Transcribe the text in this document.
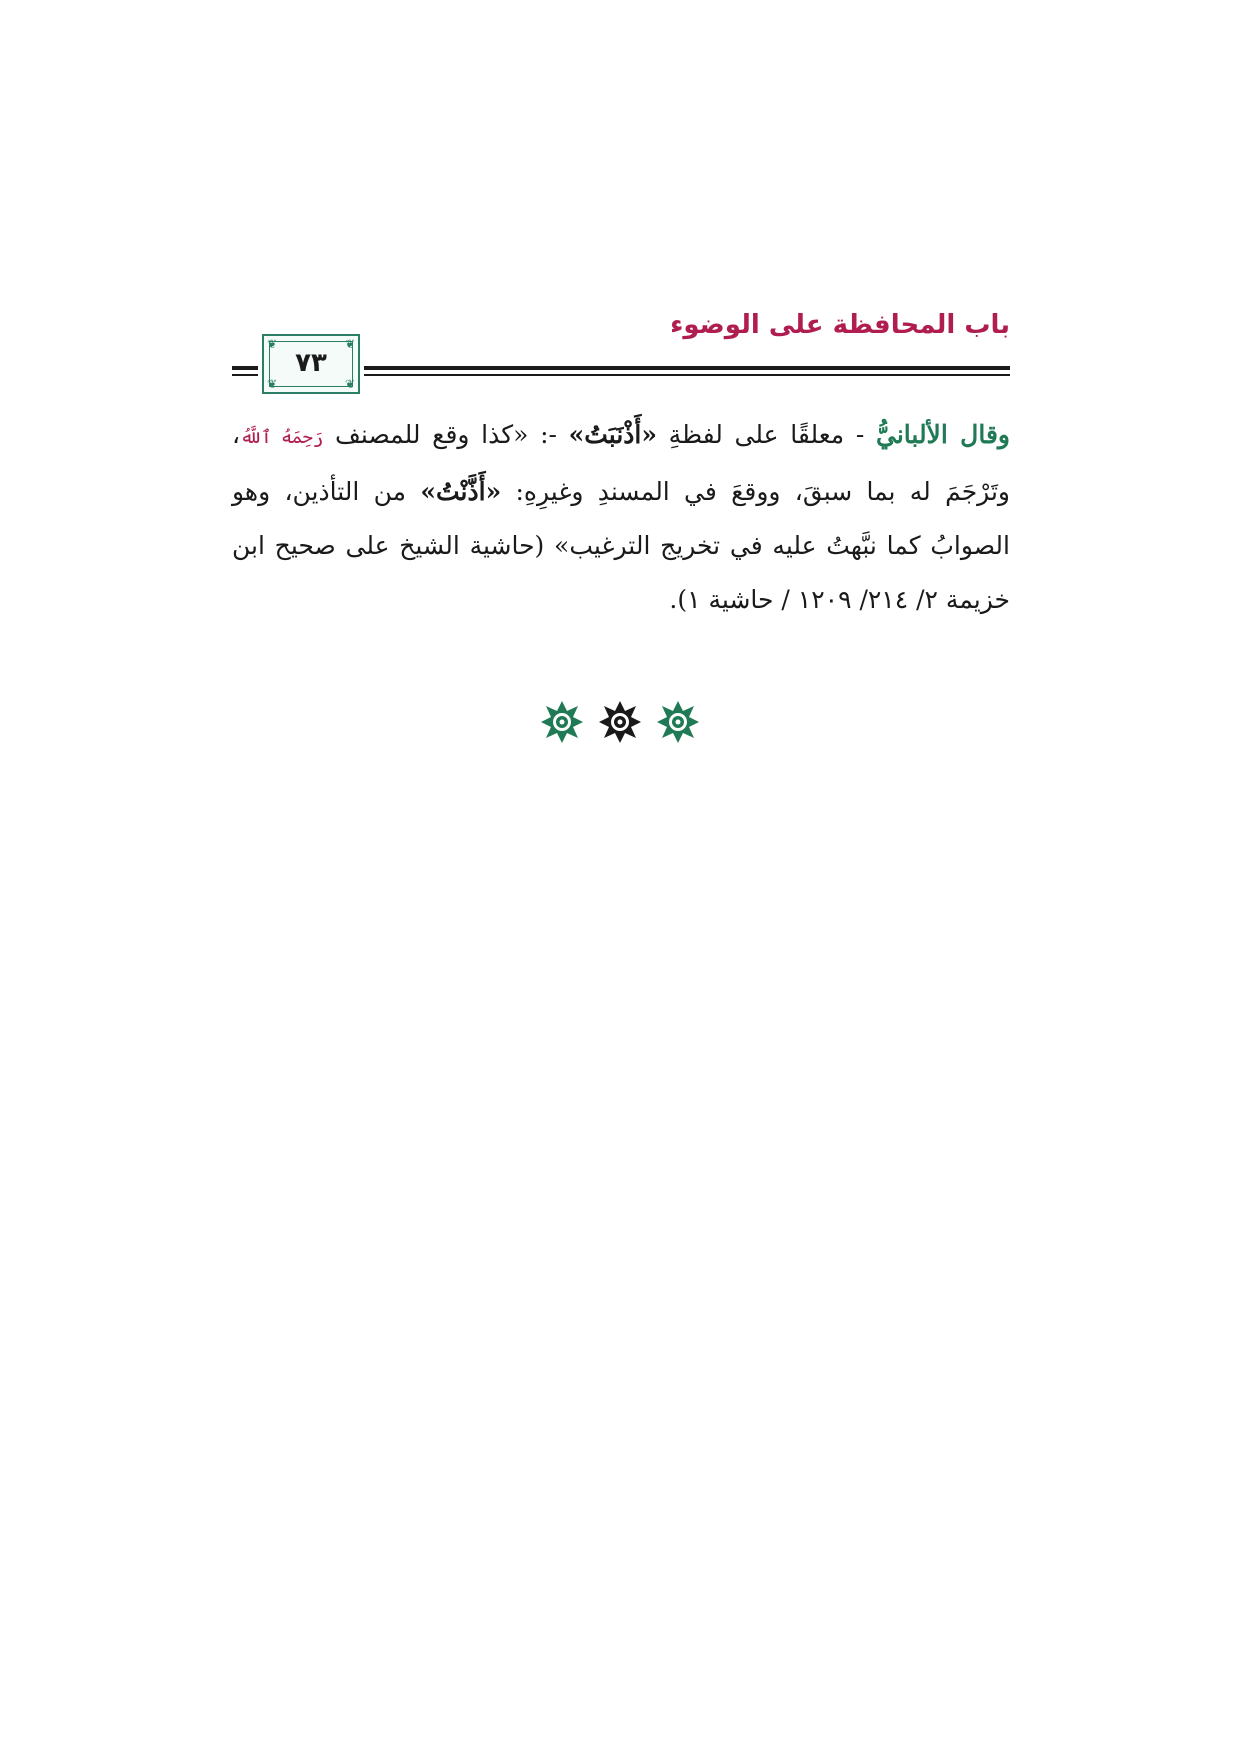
باب المحافظة على الوضوء
❦	❦
❦	❦
٧٣
وقال الألبانيُّ - معلقًا على لفظةِ «أَذْنَبَتُ» -: «كذا وقع للمصنف رَحِمَهُ ٱللَّهُ، وتَرْجَمَ له بما سبقَ، ووقعَ في المسندِ وغيرِهِ: «أَذَّنْتُ» من التأذين، وهو الصوابُ كما نبَّهتُ عليه في تخريج الترغيب» (حاشية الشيخ على صحيح ابن خزيمة ٢/ ٢١٤/ ١٢٠٩ / حاشية ١).
